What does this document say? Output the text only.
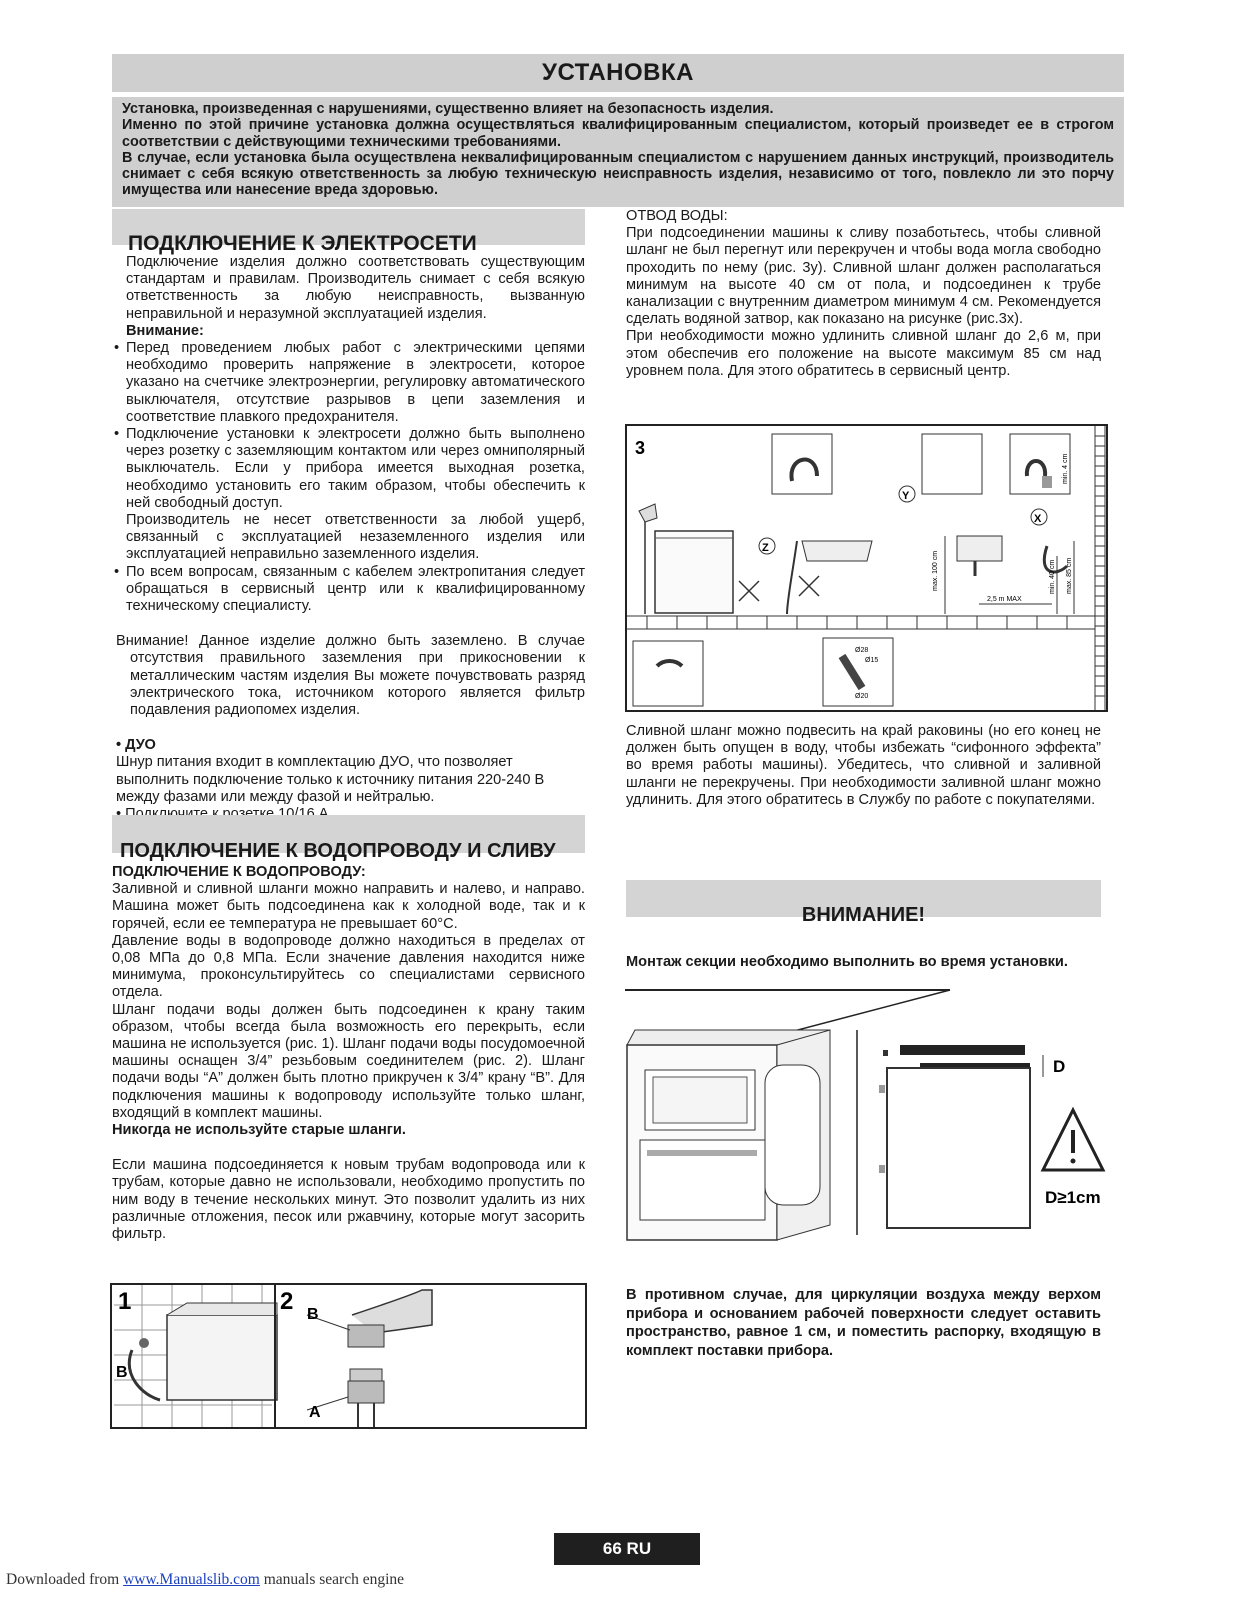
УСТАНОВКА

Установка, произведенная с нарушениями, существенно влияет на безопасность изделия.

Именно по этой причине установка должна осуществляться квалифицированным специалистом, который произведет ее в строгом соответствии с действующими техническими требованиями.

В случае, если установка была осуществлена неквалифицированным специалистом с нарушением данных инструкций, производитель снимает с себя всякую ответственность за любую техническую неисправность изделия, независимо от того, повлекло ли это порчу имущества или нанесение вреда здоровью.

ПОДКЛЮЧЕНИЕ К ЭЛЕКТРОСЕТИ

Подключение изделия должно соответствовать существующим стандартам и правилам. Производитель снимает с себя всякую ответственность за любую неисправность, вызванную неправильной и неразумной эксплуатацией изделия.

Внимание:

• Перед проведением любых работ с электрическими цепями необходимо проверить напряжение в электросети, которое указано на счетчике электроэнергии, регулировку автоматического выключателя, отсутствие разрывов в цепи заземления и соответствие плавкого предохранителя.

• Подключение установки к электросети должно быть выполнено через розетку с заземляющим контактом или через омниполярный выключатель. Если у прибора имеется выходная розетка, необходимо установить его таким образом, чтобы обеспечить к ней свободный доступ.

Производитель не несет ответственности за любой ущерб, связанный с эксплуатацией незаземленного изделия или эксплуатацией неправильно заземленного изделия.

• По всем вопросам, связанным с кабелем электропитания следует обращаться в сервисный центр или к квалифицированному техническому специалисту.

Внимание! Данное изделие должно быть заземлено. В случае отсутствия правильного заземления при прикосновении к металлическим частям изделия Вы можете почувствовать разряд электрического тока, источником которого является фильтр подавления радиопомех изделия.

• ДУО

Шнур питания входит в комплектацию ДУО, что позволяет выполнить подключение только к источнику питания 220-240 В между фазами или между фазой и нейтралью.

ПОДКЛЮЧЕНИЕ К ВОДОПРОВОДУ И СЛИВУ

ПОДКЛЮЧЕНИЕ К ВОДОПРОВОДУ:

Заливной и сливной шланги можно направить и налево, и направо. Машина может быть подсоединена как к холодной воде, так и к горячей, если ее температура не превышает 60°С.

Давление воды в водопроводе должно находиться в пределах от 0,08 МПа до 0,8 МПа. Если значение давления находится ниже минимума, проконсультируйтесь со специалистами сервисного отдела.

Шланг подачи воды должен быть подсоединен к крану таким образом, чтобы всегда была возможность его перекрыть, если машина не используется (рис. 1). Шланг подачи воды посудомоечной машины оснащен 3/4” резьбовым соединителем (рис. 2). Шланг подачи воды “A” должен быть плотно прикручен к 3/4” крану “B”. Для подключения машины к водопроводу используйте только шланг, входящий в комплект машины.

Никогда не используйте старые шланги.

Если машина подсоединяется к новым трубам водопровода или к трубам, которые давно не использовали, необходимо пропустить по ним воду в течение нескольких минут. Это позволит удалить из них различные отложения, песок или ржавчину, которые могут засорить фильтр.

1
B
2 B
A

ОТВОД ВОДЫ:

При подсоединении машины к сливу позаботьтесь, чтобы сливной шланг не был перегнут или перекручен и чтобы вода могла свободно проходить по нему (рис. 3y). Сливной шланг должен располагаться минимум на высоте 40 см от пола, и подсоединен к трубе канализации с внутренним диаметром минимум 4 см. Рекомендуется сделать водяной затвор, как показано на рисунке (рис.3х).

При необходимости можно удлинить сливной шланг до 2,6 м, при этом обеспечив его положение на высоте максимум 85 см над уровнем пола. Для этого обратитесь в сервисный центр.

3
Z
Y
X
max. 100 cm	min. 40 cm max. 85 cm
min. 4 cm
2,5 m MAX
Ø28
Ø15
Ø20

Сливной шланг можно подвесить на край раковины (но его конец не должен быть опущен в воду, чтобы избежать “сифонного эффекта” во время работы машины). Убедитесь, что сливной и заливной шланги не перекручены. При необходимости заливной шланг можно удлинить. Для этого обратитесь в Службу по работе с покупателями.

ВНИМАНИЕ!

Монтаж секции необходимо выполнить во время установки.

D
D≥1cm

В противном случае, для циркуляции воздуха между верхом прибора и основанием рабочей поверхности следует оставить пространство, равное 1 см, и поместить распорку, входящую в комплект поставки прибора.

66 RU
Downloaded from www.Manualslib.com manuals search engine
